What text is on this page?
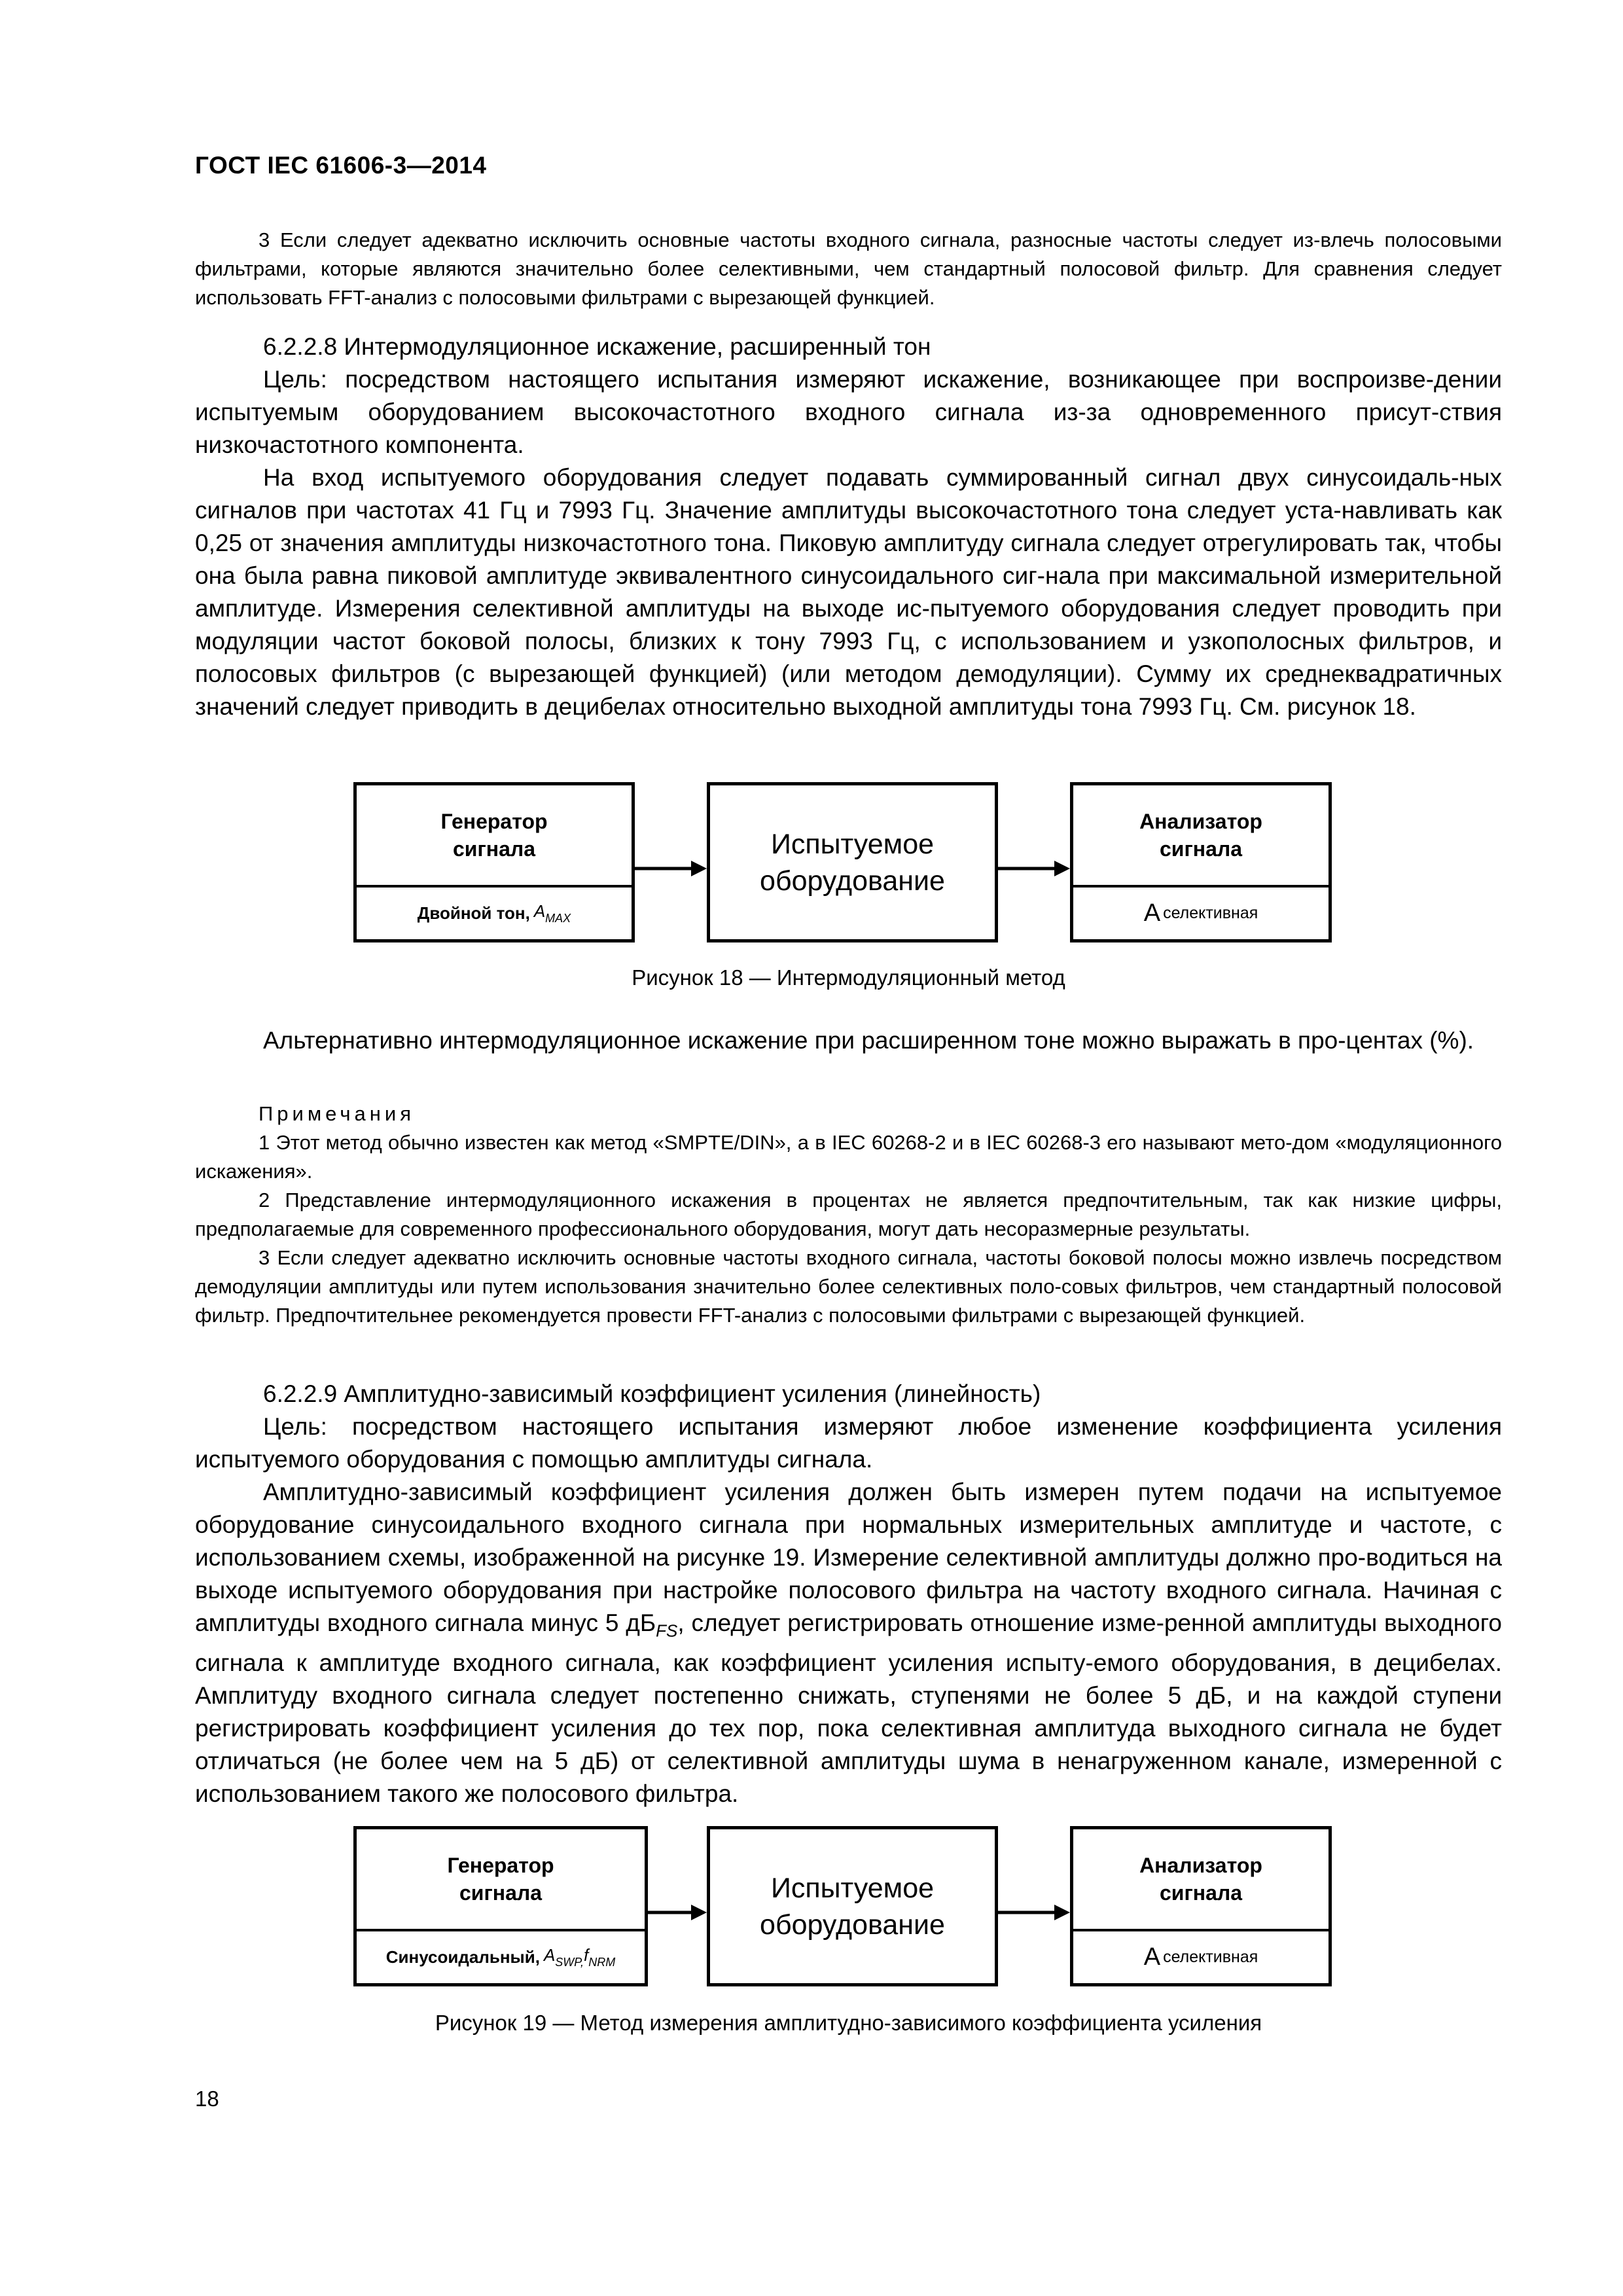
ГОСТ IEC 61606-3—2014

3 Если следует адекватно исключить основные частоты входного сигнала, разносные частоты следует из-влечь полосовыми фильтрами, которые являются значительно более селективными, чем стандартный полосовой фильтр. Для сравнения следует использовать FFT-анализ с полосовыми фильтрами с вырезающей функцией.

6.2.2.8 Интермодуляционное искажение, расширенный тон

Цель: посредством настоящего испытания измеряют искажение, возникающее при воспроизве-дении испытуемым оборудованием высокочастотного входного сигнала из-за одновременного присут-ствия низкочастотного компонента.

На вход испытуемого оборудования следует подавать суммированный сигнал двух синусоидаль-ных сигналов при частотах 41 Гц и 7993 Гц. Значение амплитуды высокочастотного тона следует уста-навливать как 0,25 от значения амплитуды низкочастотного тона. Пиковую амплитуду сигнала следует отрегулировать так, чтобы она была равна пиковой амплитуде эквивалентного синусоидального сиг-нала при максимальной измерительной амплитуде. Измерения селективной амплитуды на выходе ис-пытуемого оборудования следует проводить при модуляции частот боковой полосы, близких к тону 7993 Гц, с использованием и узкополосных фильтров, и полосовых фильтров (с вырезающей функцией) (или методом демодуляции). Сумму их среднеквадратичных значений следует приводить в децибелах относительно выходной амплитуды тона 7993 Гц. См. рисунок 18.

Генератор
сигнала
Двойной тон, $A_{MAX}$
Испытуемое
оборудование
Анализатор
сигнала
A селективная
Рисунок 18 — Интермодуляционный метод

Альтернативно интермодуляционное искажение при расширенном тоне можно выражать в про-центах (%).

Примечания

1 Этот метод обычно известен как метод «SMPTE/DIN», а в IEC 60268-2 и в IEC 60268-3 его называют мето-дом «модуляционного искажения».

2 Представление интермодуляционного искажения в процентах не является предпочтительным, так как низкие цифры, предполагаемые для современного профессионального оборудования, могут дать несоразмерные результаты.

3 Если следует адекватно исключить основные частоты входного сигнала, частоты боковой полосы можно извлечь посредством демодуляции амплитуды или путем использования значительно более селективных поло-совых фильтров, чем стандартный полосовой фильтр. Предпочтительнее рекомендуется провести FFT-анализ с полосовыми фильтрами с вырезающей функцией.

6.2.2.9 Амплитудно-зависимый коэффициент усиления (линейность)

Цель: посредством настоящего испытания измеряют любое изменение коэффициента усиления испытуемого оборудования с помощью амплитуды сигнала.

Амплитудно-зависимый коэффициент усиления должен быть измерен путем подачи на испытуемое оборудование синусоидального входного сигнала при нормальных измерительных амплитуде и частоте, с использованием схемы, изображенной на рисунке 19. Измерение селективной амплитуды должно про-водиться на выходе испытуемого оборудования при настройке полосового фильтра на частоту входного сигнала. Начиная с амплитуды входного сигнала минус 5 $дБ_{FS}$, следует регистрировать отношение изме-ренной амплитуды выходного сигнала к амплитуде входного сигнала, как коэффициент усиления испыту-емого оборудования, в децибелах. Амплитуду входного сигнала следует постепенно снижать, ступенями не более 5 дБ, и на каждой ступени регистрировать коэффициент усиления до тех пор, пока селективная амплитуда выходного сигнала не будет отличаться (не более чем на 5 дБ) от селективной амплитуды шума в ненагруженном канале, измеренной с использованием такого же полосового фильтра.

Генератор
сигнала
Синусоидальный, $A_{SWP,}f_{NRM}$
Испытуемое
оборудование
Анализатор
сигнала
A селективная
Рисунок 19 — Метод измерения амплитудно-зависимого коэффициента усиления
18
